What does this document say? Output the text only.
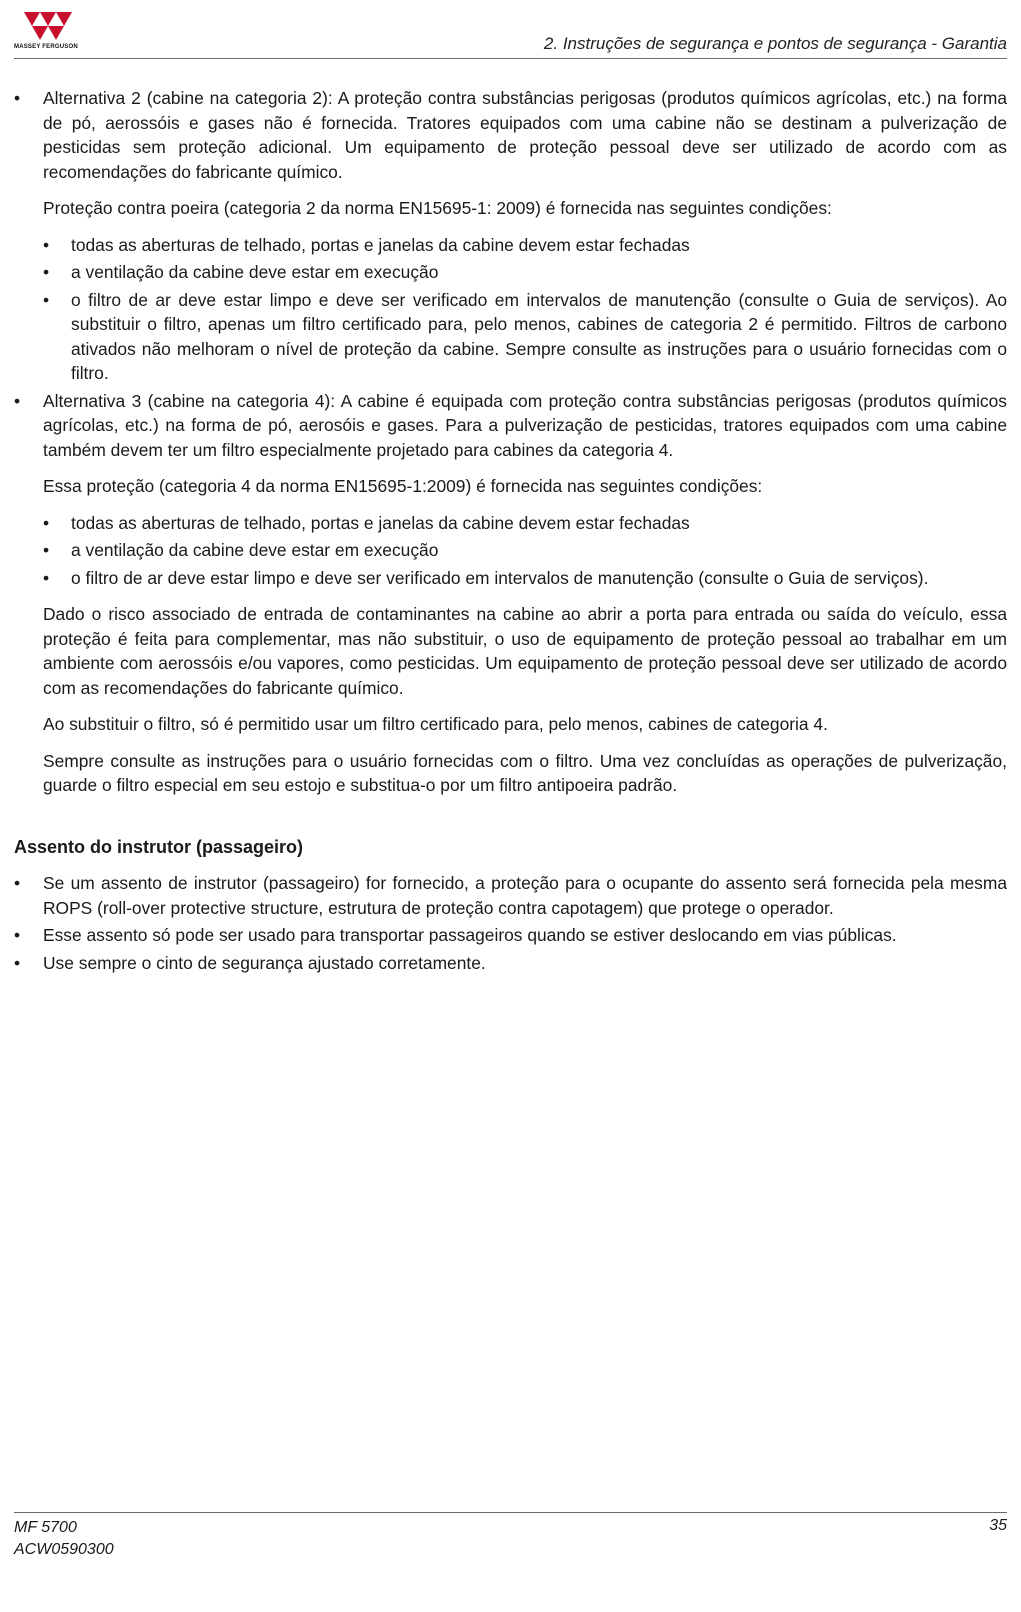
MASSEY FERGUSON	2. Instruções de segurança e pontos de segurança - Garantia

• Alternativa 2 (cabine na categoria 2): A proteção contra substâncias perigosas (produtos químicos agrícolas, etc.) na forma de pó, aerossóis e gases não é fornecida. Tratores equipados com uma cabine não se destinam a pulverização de pesticidas sem proteção adicional. Um equipamento de proteção pessoal deve ser utilizado de acordo com as recomendações do fabricante químico.

Proteção contra poeira (categoria 2 da norma EN15695-1: 2009) é fornecida nas seguintes condições:

• todas as aberturas de telhado, portas e janelas da cabine devem estar fechadas

• a ventilação da cabine deve estar em execução

• o filtro de ar deve estar limpo e deve ser verificado em intervalos de manutenção (consulte o Guia de serviços). Ao substituir o filtro, apenas um filtro certificado para, pelo menos, cabines de categoria 2 é permitido. Filtros de carbono ativados não melhoram o nível de proteção da cabine. Sempre consulte as instruções para o usuário fornecidas com o filtro.

• Alternativa 3 (cabine na categoria 4): A cabine é equipada com proteção contra substâncias perigosas (produtos químicos agrícolas, etc.) na forma de pó, aerosóis e gases. Para a pulverização de pesticidas, tratores equipados com uma cabine também devem ter um filtro especialmente projetado para cabines da categoria 4.

Essa proteção (categoria 4 da norma EN15695-1:2009) é fornecida nas seguintes condições:

• todas as aberturas de telhado, portas e janelas da cabine devem estar fechadas

• a ventilação da cabine deve estar em execução

• o filtro de ar deve estar limpo e deve ser verificado em intervalos de manutenção (consulte o Guia de serviços).

Dado o risco associado de entrada de contaminantes na cabine ao abrir a porta para entrada ou saída do veículo, essa proteção é feita para complementar, mas não substituir, o uso de equipamento de proteção pessoal ao trabalhar em um ambiente com aerossóis e/ou vapores, como pesticidas. Um equipamento de proteção pessoal deve ser utilizado de acordo com as recomendações do fabricante químico.

Ao substituir o filtro, só é permitido usar um filtro certificado para, pelo menos, cabines de categoria 4.

Sempre consulte as instruções para o usuário fornecidas com o filtro. Uma vez concluídas as operações de pulverização, guarde o filtro especial em seu estojo e substitua-o por um filtro antipoeira padrão.

Assento do instrutor (passageiro)

• Se um assento de instrutor (passageiro) for fornecido, a proteção para o ocupante do assento será fornecida pela mesma ROPS (roll-over protective structure, estrutura de proteção contra capotagem) que protege o operador.

• Esse assento só pode ser usado para transportar passageiros quando se estiver deslocando em vias públicas.

• Use sempre o cinto de segurança ajustado corretamente.

MF 5700
ACW0590300
35
